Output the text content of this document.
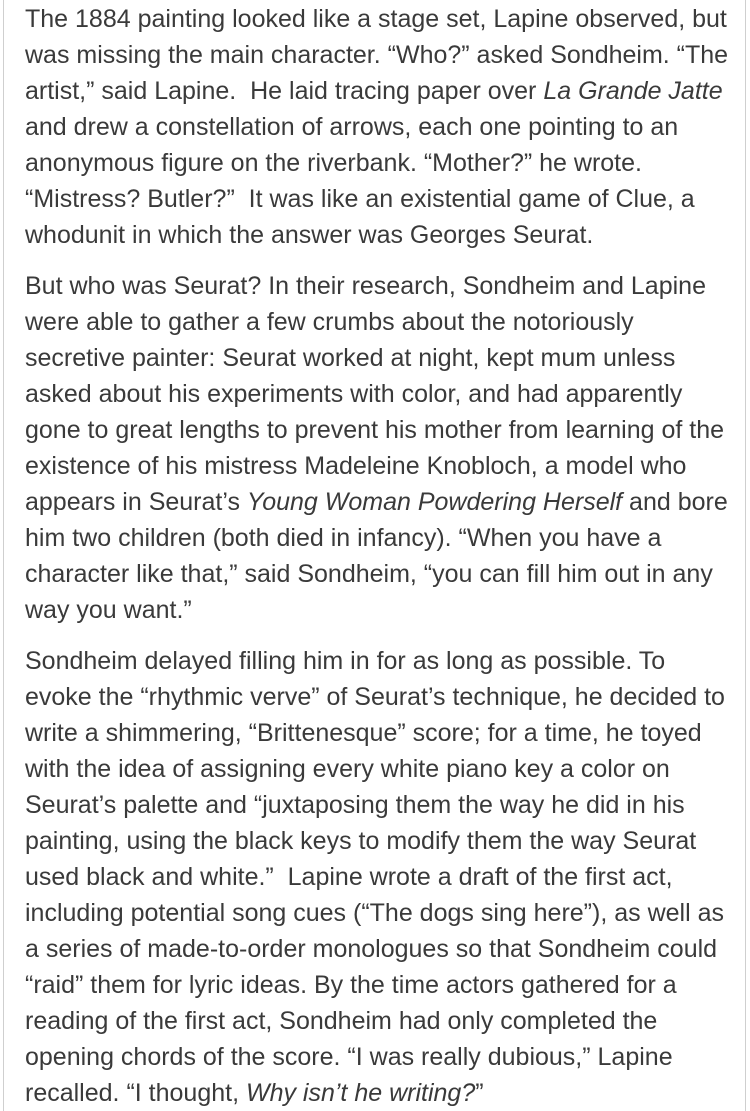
The 1884 painting looked like a stage set, Lapine observed, but was missing the main character. “Who?” asked Sondheim. “The artist,” said Lapine.  He laid tracing paper over La Grande Jatte and drew a constellation of arrows, each one pointing to an anonymous figure on the riverbank. “Mother?” he wrote. “Mistress? Butler?”  It was like an existential game of Clue, a whodunit in which the answer was Georges Seurat.

But who was Seurat? In their research, Sondheim and Lapine were able to gather a few crumbs about the notoriously secretive painter: Seurat worked at night, kept mum unless asked about his experiments with color, and had apparently gone to great lengths to prevent his mother from learning of the existence of his mistress Madeleine Knobloch, a model who appears in Seurat’s Young Woman Powdering Herself and bore him two children (both died in infancy). “When you have a character like that,” said Sondheim, “you can fill him out in any way you want.”

Sondheim delayed filling him in for as long as possible. To evoke the “rhythmic verve” of Seurat’s technique, he decided to write a shimmering, “Brittenesque” score; for a time, he toyed with the idea of assigning every white piano key a color on Seurat’s palette and “juxtaposing them the way he did in his painting, using the black keys to modify them the way Seurat used black and white.”  Lapine wrote a draft of the first act, including potential song cues (“The dogs sing here”), as well as a series of made-to-order monologues so that Sondheim could “raid” them for lyric ideas. By the time actors gathered for a reading of the first act, Sondheim had only completed the opening chords of the score. “I was really dubious,” Lapine recalled. “I thought, Why isn’t he writing?”
